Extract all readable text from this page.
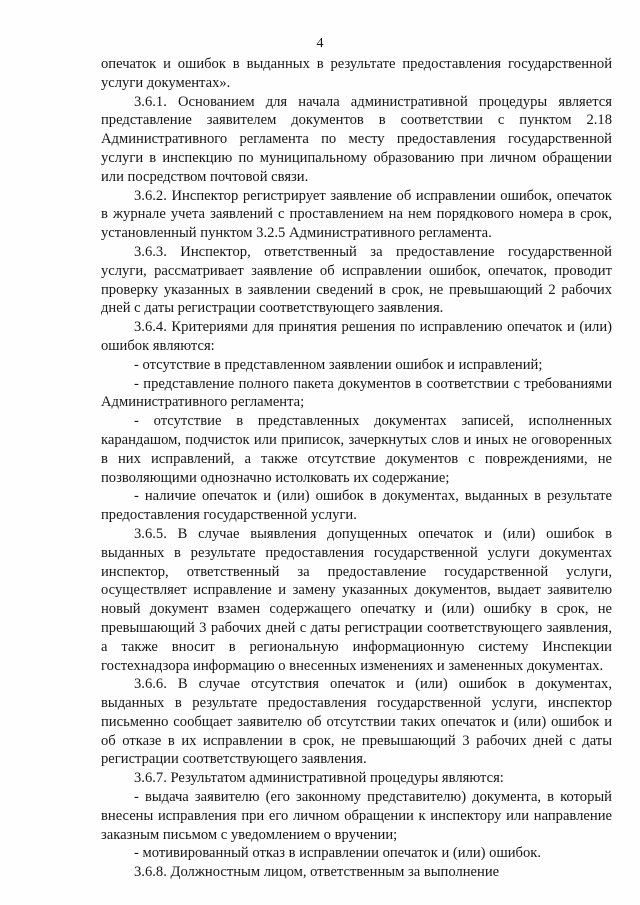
4

опечаток и ошибок в выданных в результате предоставления государственной услуги документах».

3.6.1. Основанием для начала административной процедуры является представление заявителем документов в соответствии с пунктом 2.18 Административного регламента по месту предоставления государственной услуги в инспекцию по муниципальному образованию при личном обращении или посредством почтовой связи.

3.6.2. Инспектор регистрирует заявление об исправлении ошибок, опечаток в журнале учета заявлений с проставлением на нем порядкового номера в срок, установленный пунктом 3.2.5 Административного регламента.

3.6.3. Инспектор, ответственный за предоставление государственной услуги, рассматривает заявление об исправлении ошибок, опечаток, проводит проверку указанных в заявлении сведений в срок, не превышающий 2 рабочих дней с даты регистрации соответствующего заявления.

3.6.4. Критериями для принятия решения по исправлению опечаток и (или) ошибок являются:

- отсутствие в представленном заявлении ошибок и исправлений;

- представление полного пакета документов в соответствии с требованиями Административного регламента;

- отсутствие в представленных документах записей, исполненных карандашом, подчисток или приписок, зачеркнутых слов и иных не оговоренных в них исправлений, а также отсутствие документов с повреждениями, не позволяющими однозначно истолковать их содержание;

- наличие опечаток и (или) ошибок в документах, выданных в результате предоставления государственной услуги.

3.6.5. В случае выявления допущенных опечаток и (или) ошибок в выданных в результате предоставления государственной услуги документах инспектор, ответственный за предоставление государственной услуги, осуществляет исправление и замену указанных документов, выдает заявителю новый документ взамен содержащего опечатку и (или) ошибку в срок, не превышающий 3 рабочих дней с даты регистрации соответствующего заявления, а также вносит в региональную информационную систему Инспекции гостехнадзора информацию о внесенных изменениях и замененных документах.

3.6.6. В случае отсутствия опечаток и (или) ошибок в документах, выданных в результате предоставления государственной услуги, инспектор письменно сообщает заявителю об отсутствии таких опечаток и (или) ошибок и об отказе в их исправлении в срок, не превышающий 3 рабочих дней с даты регистрации соответствующего заявления.

3.6.7. Результатом административной процедуры являются:

- выдача заявителю (его законному представителю) документа, в который внесены исправления при его личном обращении к инспектору или направление заказным письмом с уведомлением о вручении;

- мотивированный отказ в исправлении опечаток и (или) ошибок.

3.6.8. Должностным лицом, ответственным за выполнение
